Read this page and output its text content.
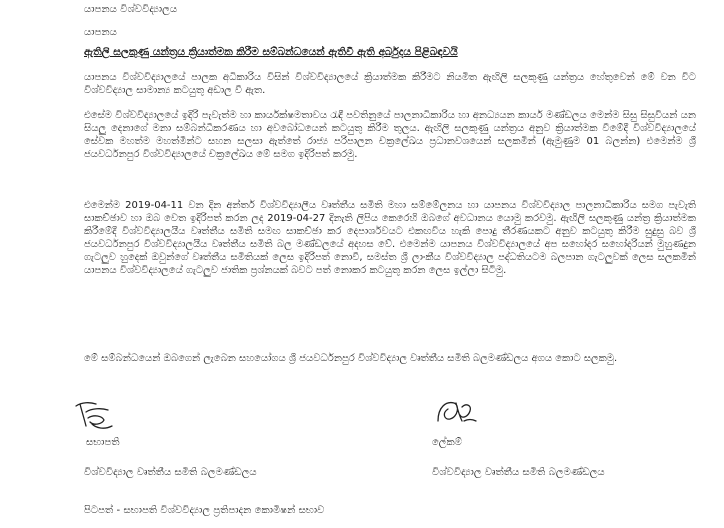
යාපනය විශ්වවිද්‍යාලය
යාපනය
ඇතිලි සලකුණු යන්ත්‍රය ක්‍රියාත්මක කිරීම සම්බන්ධයෙන් ඇතිවී ඇති අර්බුදය පිළිබඳවයි
යාපනය විශ්වවිද්‍යාලයේ පාලක අධිකාරිය විසින් විශ්වවිද්‍යාලයේ ක්‍රියාත්මක කිරීමට නියමිත ඇඟිලි සලකුණු යන්ත්‍රය හේතුවෙන් මේ වන විට විශ්වවිද්‍යාල සාමාන්‍ය කටයුතු අඩාල වී ඇත.
එසේම විශ්වවිද්‍යාලයේ ඉදිරි පැවැත්ම හා කාර්යක්ෂමතාවය රැඳී පවතිනුයේ පාලනාධිකාරිය හා අනධ්‍යයන කාර්ය මණ්ඩලය මෙන්ම සිසු සිසුවියන් යන සියලු දෙනාගේ මනා සම්බන්ධීකරණය හා අවබෝධයෙන් කටයුතු කිරීම තුලය. ඇඟිලි සලකුණු යන්ත්‍රය අනුව ක්‍රියාත්මක වීමේදී විශ්වවිද්‍යාලයේ සේවක මහත්ම මහත්මීන්ට සහන සලසා ඇත්තේ රාජ්‍ය පරිපාලන චක්‍රලේඛය ප්‍රධානවශයෙන් සලකමින් (ඇමුණුම 01 බලන්න) එමෙන්ම ශ්‍රී ජයවර්ධනපුර විශ්වවිද්‍යාලයේ චක්‍රලේඛය මේ සමග ඉදිරිපත් කරමු.
එමෙන්ම 2019-04-11 වන දින අන්තර් විශ්වවිද්‍යාලීය වෘත්තීය සමිති මහා සම්මේලනය හා යාපනය විශ්වවිද්‍යාල පාලනාධිකාරිය සමග පැවැති සාකච්ඡාව හා ඔබ වෙත ඉදිරිපත් කරන ලද 2019-04-27 දිනැති ලිපිය කෙරෙහි ඔබගේ අවධානය යොමු කරවමු. ඇඟිලි සලකුණු යන්ත්‍ර ක්‍රියාත්මක කිරීමේදී විශ්වවිද්‍යාලයීය වෘත්තීය සමිති සමඟ සාකච්ඡා කර දෙපාර්ශවයට එකඟවිය හැකි පොදු තීරණයකට අනුව කටයුතු කිරීම සුදුසු බව ශ්‍රී ජයවර්ධනපුර විශ්වවිද්‍යාලයීය වෘත්තීය සමිති බල මණ්ඩලයේ අදහස වේ. එමෙන්ම යාපනය විශ්වවිද්‍යාලයේ අප සහෝදර සහෝදරියන් මුහුණදුන ගැටලුව හුදෙක් ඔවුන්ගේ වෘත්තීය සමිතියක් ලෙස ඉදිරිපත් නොවී, සමස්ත ශ්‍රී ලාංකීය විශ්වවිද්‍යාල පද්ධතියටම බලපාන ගැටලුවක් ලෙස සලකමින් යාපනය විශ්වවිද්‍යාලයේ ගැටලුව ජාතික ප්‍රශ්නයක් බවට පත් නොකර කටයුතු කරන ලෙස ඉල්ලා සිටිමු.
මේ සම්බන්ධයෙන් ඔබගෙන් ලැබෙන සහයෝගය ශ්‍රී ජයවර්ධනපුර විශ්වවිද්‍යාල වෘත්තීය සමිති බලමණ්ඩලය අගය කොට සලකමු.
සභාපති
විශ්වවිද්‍යාල වෘත්තීය සමිති බලමණ්ඩලය
ලේකම්
විශ්වවිද්‍යාල වෘත්තීය සමිති බලමණ්ඩලය
පිටපත් - සභාපති විශ්වවිද්‍යාල ප්‍රතිපාදන කොමිෂන් සභාව
